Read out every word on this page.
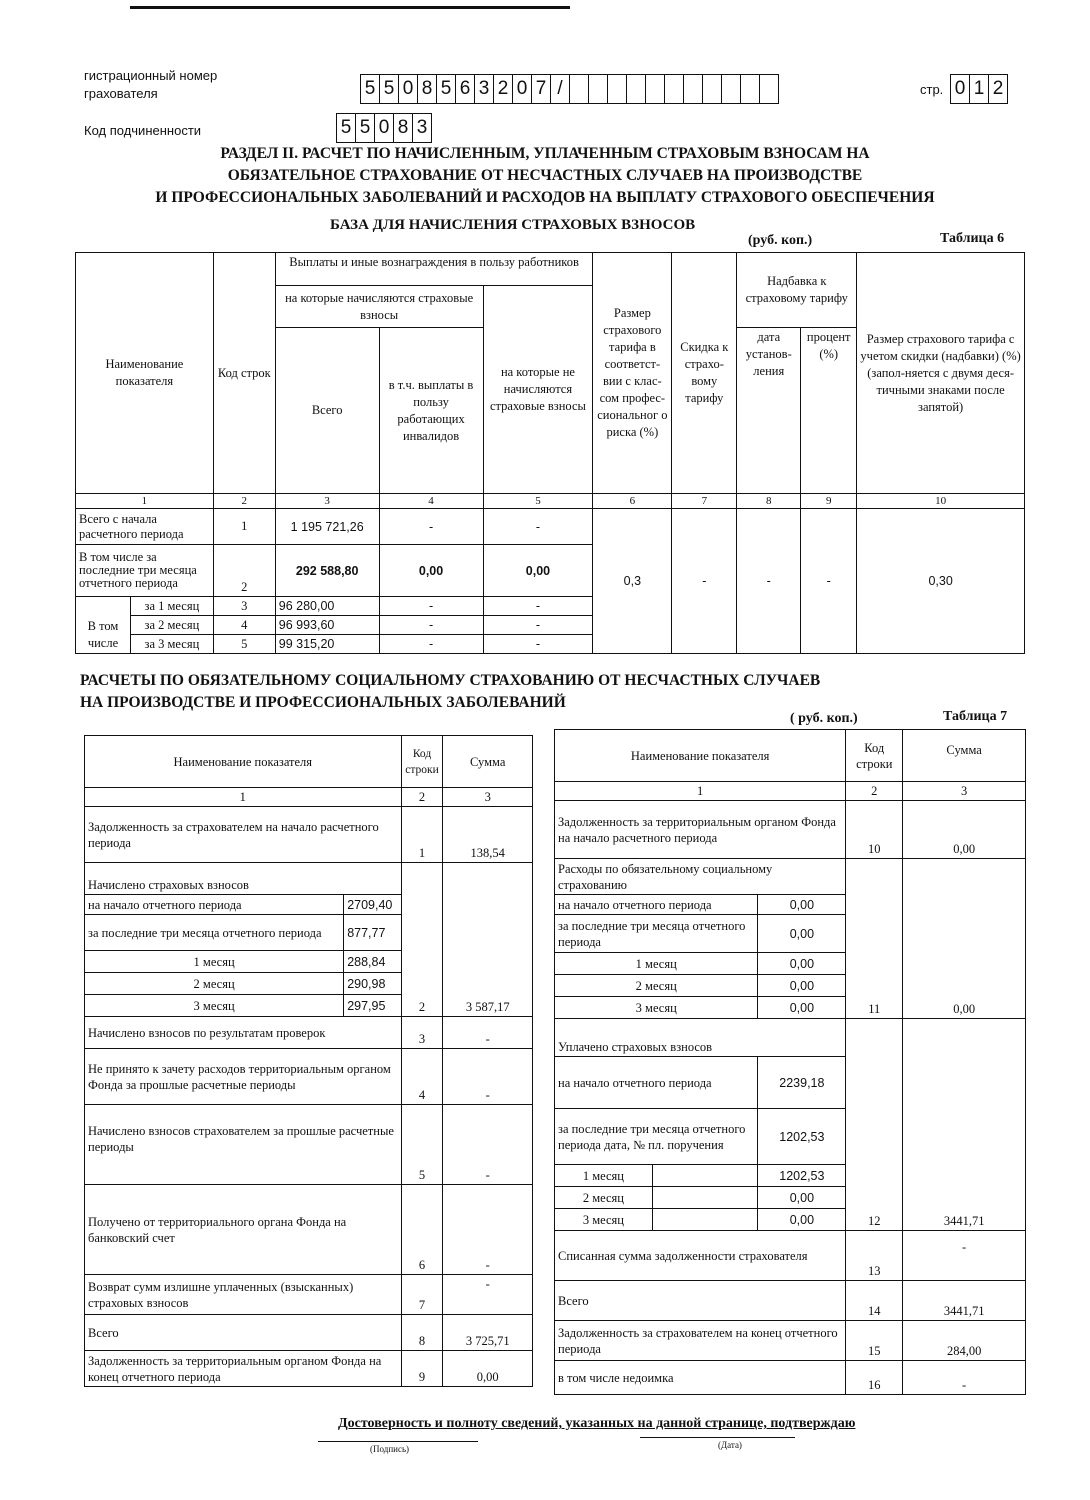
гистрационный номер
грахователя	5 5 0 8 5 6 3 2 0 7 /	стр. 0 1 2
Код подчиненности	5 5 0 8 3
РАЗДЕЛ II. РАСЧЕТ ПО НАЧИСЛЕННЫМ, УПЛАЧЕННЫМ СТРАХОВЫМ ВЗНОСАМ НА
ОБЯЗАТЕЛЬНОЕ СТРАХОВАНИЕ ОТ НЕСЧАСТНЫХ СЛУЧАЕВ НА ПРОИЗВОДСТВЕ
И ПРОФЕССИОНАЛЬНЫХ ЗАБОЛЕВАНИЙ И РАСХОДОВ НА ВЫПЛАТУ СТРАХОВОГО ОБЕСПЕЧЕНИЯ
БАЗА ДЛЯ НАЧИСЛЕНИЯ СТРАХОВЫХ ВЗНОСОВ
(руб. коп.)	Таблица 6
Наименование показателя		Код строк	Выплаты и иные вознаграждения в пользу работников			Размер страхового тарифа в соответст-вии с клас-сом профес-сиональног о риска (%)	Скидка к страхо-вому тарифу	Надбавка к страховому тарифу		Размер страхового тарифа с учетом скидки (надбавки) (%) (запол-няется с двумя деся-тичными знаками после запятой)
			на которые начисляются страховые взносы		на которые не начисляются страховые взносы					
			Всего	в т.ч. выплаты в пользу работающих инвалидов				дата установ-ления	процент (%)	
1		2	3	4	5	6	7	8	9	10
Всего с начала расчетного периода		1	1 195 721,26	-	-	0,3	-	-	-	0,30
В том числе за последние три месяца отчетного периода		2	292 588,80	0,00	0,00					
В том числе	за 1 месяц	3	96 280,00	-	-					
	за 2 месяц	4	96 993,60	-	-					
	за 3 месяц	5	99 315,20	-	-					
РАСЧЕТЫ ПО ОБЯЗАТЕЛЬНОМУ СОЦИАЛЬНОМУ СТРАХОВАНИЮ ОТ НЕСЧАСТНЫХ СЛУЧАЕВ
НА ПРОИЗВОДСТВЕ И ПРОФЕССИОНАЛЬНЫХ ЗАБОЛЕВАНИЙ
( руб. коп.)	Таблица 7
Наименование показателя		Код строки	Сумма
1		2	3
Задолженность за страхователем на начало расчетного периода		1	138,54
Начислено страховых взносов		2	3 587,17
на начало отчетного периода	2709,40		
за последние три месяца отчетного периода	877,77		
1 месяц	288,84		
2 месяц	290,98		
3 месяц	297,95		
Начислено взносов по результатам проверок		3	-
Не принято к зачету расходов территориальным органом Фонда за прошлые расчетные периоды		4	-
Начислено взносов страхователем за прошлые расчетные периоды		5	-
Получено от территориального органа Фонда на банковский счет		6	-
Возврат сумм излишне уплаченных (взысканных) страховых взносов		7	-
Всего		8	3 725,71
Задолженность за территориальным органом Фонда на конец отчетного периода		9	0,00
Наименование показателя			Код строки	Сумма
1			2	3
Задолженность за территориальным органом Фонда на начало расчетного периода			10	0,00
Расходы по обязательному социальному страхованию			11	0,00
на начало отчетного периода		0,00		
за последние три месяца отчетного периода		0,00		
1 месяц		0,00		
2 месяц		0,00		
3 месяц		0,00		
Уплачено страховых взносов			12	3441,71
на начало отчетного периода		2239,18		
за последние три месяца отчетного периода дата, № пл. поручения		1202,53		
1 месяц		1202,53		
2 месяц		0,00		
3 месяц		0,00		
Списанная сумма задолженности страхователя			13	-
Всего			14	3441,71
Задолженность за страхователем на конец отчетного периода			15	284,00
в том числе недоимка			16	-
Достоверность и полноту сведений, указанных на данной странице, подтверждаю
(Подпись)	(Дата)
